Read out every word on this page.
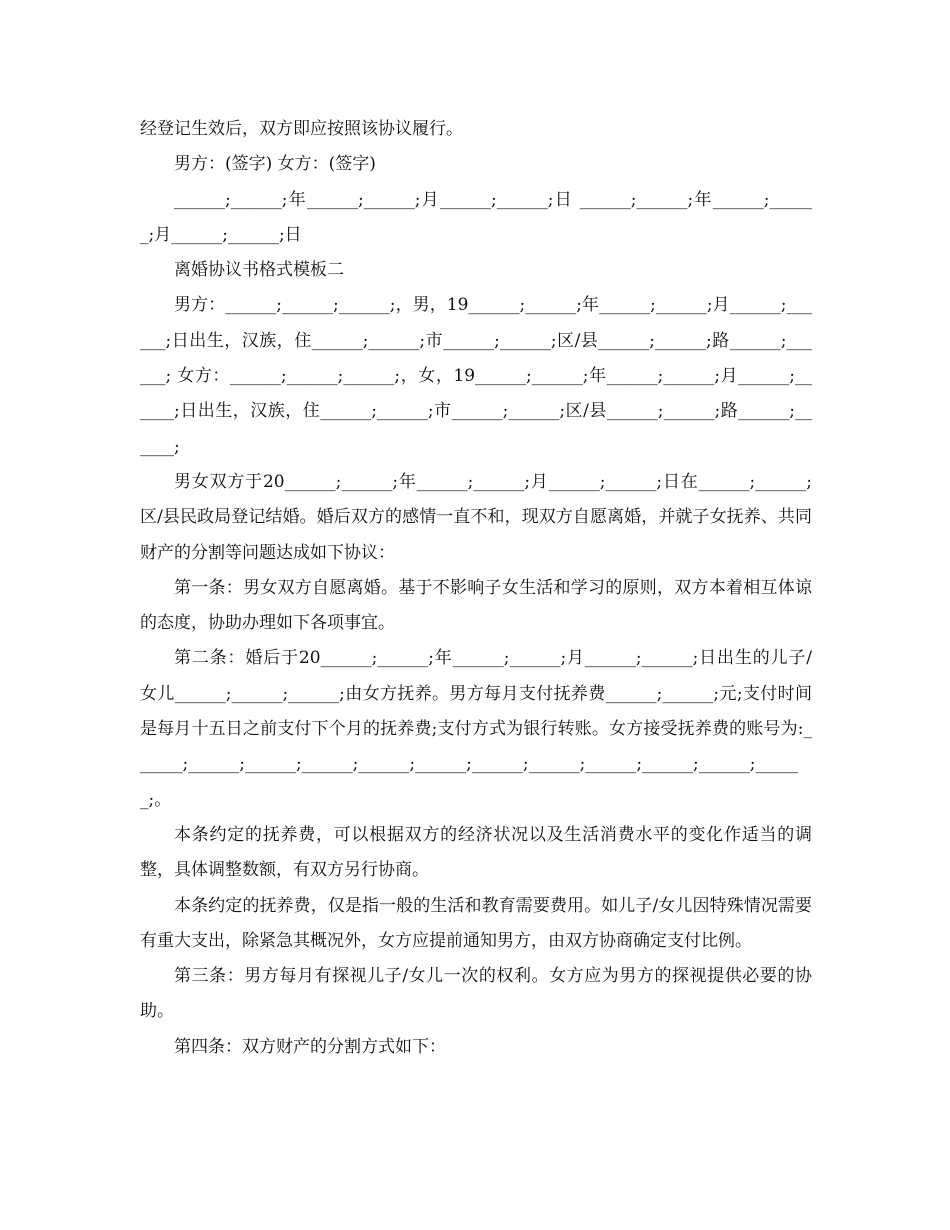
经登记生效后，双方即应按照该协议履行。

男方：(签字) 女方：(签字)

______;______;年______;______;月______;______;日 ______;______;年______;______;月______;______;日

离婚协议书格式模板二

男方：______;______;______;，男，19______;______;年______;______;月______;______;日出生，汉族，住______;______;市______;______;区/县______;______;路______;______; 女方：______;______;______;，女，19______;______;年______;______;月______;______;日出生，汉族，住______;______;市______;______;区/县______;______;路______;______;

男女双方于20______;______;年______;______;月______;______;日在______;______;区/县民政局登记结婚。婚后双方的感情一直不和，现双方自愿离婚，并就子女抚养、共同财产的分割等问题达成如下协议：

第一条：男女双方自愿离婚。基于不影响子女生活和学习的原则，双方本着相互体谅的态度，协助办理如下各项事宜。

第二条：婚后于20______;______;年______;______;月______;______;日出生的儿子/女儿______;______;______;由女方抚养。男方每月支付抚养费______;______;元;支付时间是每月十五日之前支付下个月的抚养费;支付方式为银行转账。女方接受抚养费的账号为:______;______;______;______;______;______;______;______;______;______;______;______;。

本条约定的抚养费，可以根据双方的经济状况以及生活消费水平的变化作适当的调整，具体调整数额，有双方另行协商。

本条约定的抚养费，仅是指一般的生活和教育需要费用。如儿子/女儿因特殊情况需要有重大支出，除紧急其概况外，女方应提前通知男方，由双方协商确定支付比例。

第三条：男方每月有探视儿子/女儿一次的权利。女方应为男方的探视提供必要的协助。

第四条：双方财产的分割方式如下：
